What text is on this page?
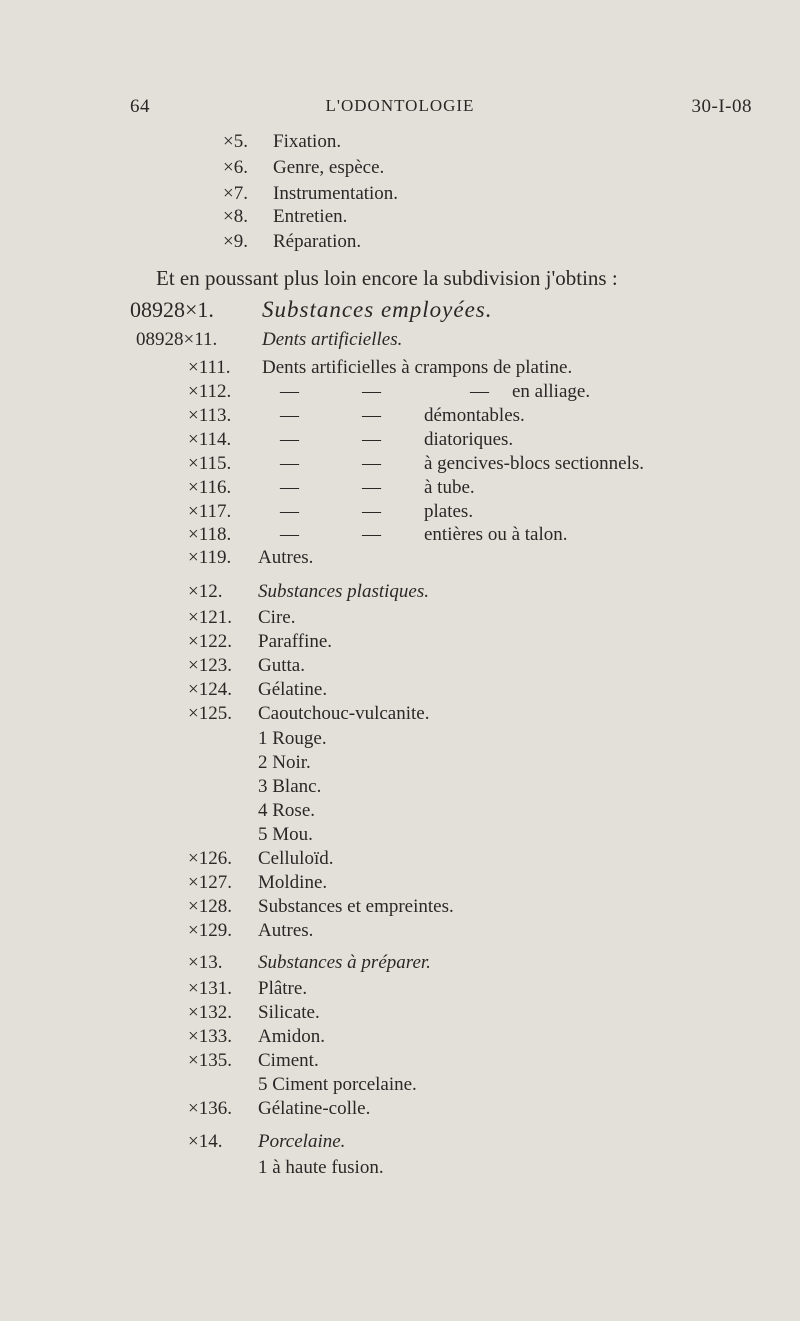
64	L'ODONTOLOGIE	30-I-08
×5. Fixation.
×6. Genre, espèce.
×7. Instrumentation.
×8. Entretien.
×9. Réparation.
Et en poussant plus loin encore la subdivision j'obtins :
08928×1. Substances employées.
08928×11. Dents artificielles.
×111. Dents artificielles à crampons de platine.
×112.	—	—	— en alliage.
×113.	—	— démontables.
×114.	—	— diatoriques.
×115.	—	— à gencives-blocs sectionnels.
×116.	—	— à tube.
×117.	—	— plates.
×118.	—	— entières ou à talon.
×119. Autres.
×12. Substances plastiques.
×121. Cire.
×122. Paraffine.
×123. Gutta.
×124. Gélatine.
×125. Caoutchouc-vulcanite.
1 Rouge.
2 Noir.
3 Blanc.
4 Rose.
5 Mou.
×126. Celluloïd.
×127. Moldine.
×128. Substances et empreintes.
×129. Autres.
×13. Substances à préparer.
×131. Plâtre.
×132. Silicate.
×133. Amidon.
×135. Ciment.
5 Ciment porcelaine.
×136. Gélatine-colle.
×14. Porcelaine.
1 à haute fusion.
